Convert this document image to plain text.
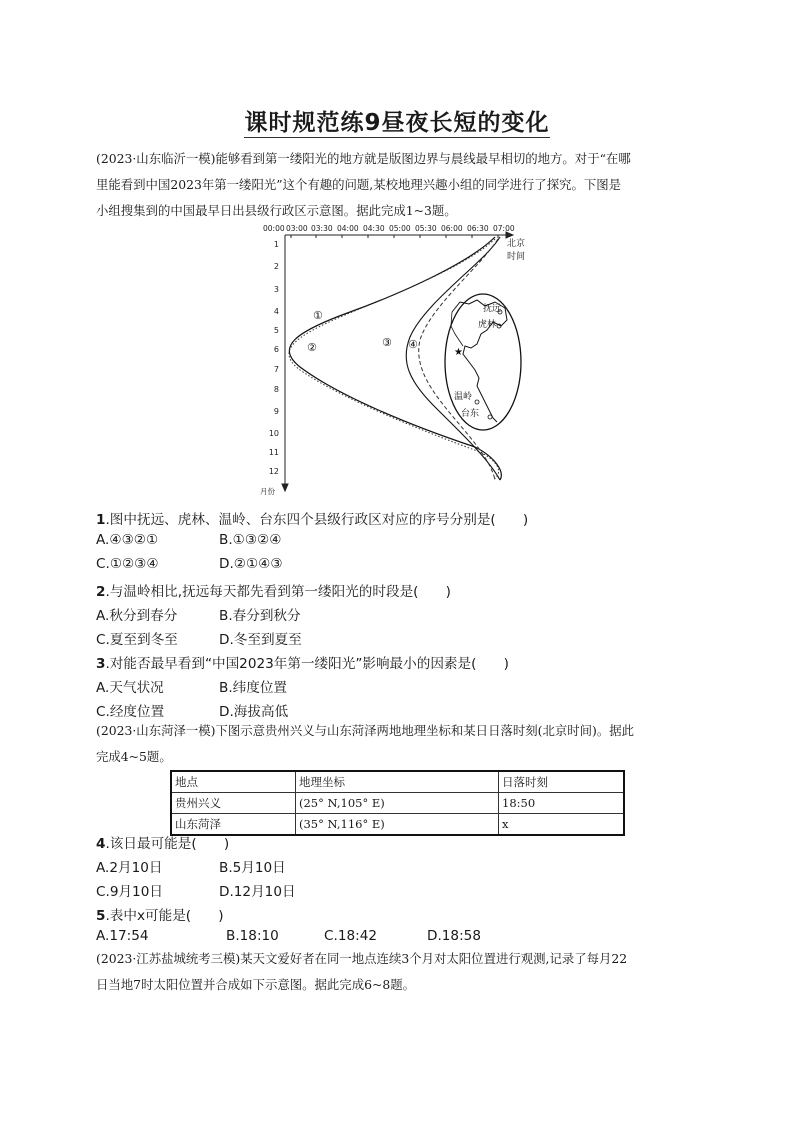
课时规范练9昼夜长短的变化
(2023·山东临沂一模)能够看到第一缕阳光的地方就是版图边界与晨线最早相切的地方。对于“在哪
里能看到中国2023年第一缕阳光”这个有趣的问题,某校地理兴趣小组的同学进行了探究。下图是
小组搜集到的中国最早日出县级行政区示意图。据此完成1~3题。
00:00 03:00 03:30 04:00 04:30 05:00 05:30 06:00 06:30 07:00
1
2
3
4
5
6
7
8
9
10
11
12
月份
北京
时间
①
②	③ ④
★
抚远
虎林
温岭
台东
1.图中抚远、虎林、温岭、台东四个县级行政区对应的序号分别是(　　)
A.④③②①	B.①③②④
C.①②③④	D.②①④③
2.与温岭相比,抚远每天都先看到第一缕阳光的时段是(　　)
A.秋分到春分	B.春分到秋分
C.夏至到冬至	D.冬至到夏至
3.对能否最早看到“中国2023年第一缕阳光”影响最小的因素是(　　)
A.天气状况	B.纬度位置
C.经度位置	D.海拔高低
(2023·山东菏泽一模)下图示意贵州兴义与山东菏泽两地地理坐标和某日日落时刻(北京时间)。据此
完成4~5题。
地点	地理坐标	日落时刻
贵州兴义	(25° N,105° E)	18:50
山东菏泽	(35° N,116° E)	x
4.该日最可能是(　　)
A.2月10日	B.5月10日
C.9月10日	D.12月10日
5.表中x可能是(　　)
A.17:54	B.18:10	C.18:42	D.18:58
(2023·江苏盐城统考三模)某天文爱好者在同一地点连续3个月对太阳位置进行观测,记录了每月22
日当地7时太阳位置并合成如下示意图。据此完成6~8题。
